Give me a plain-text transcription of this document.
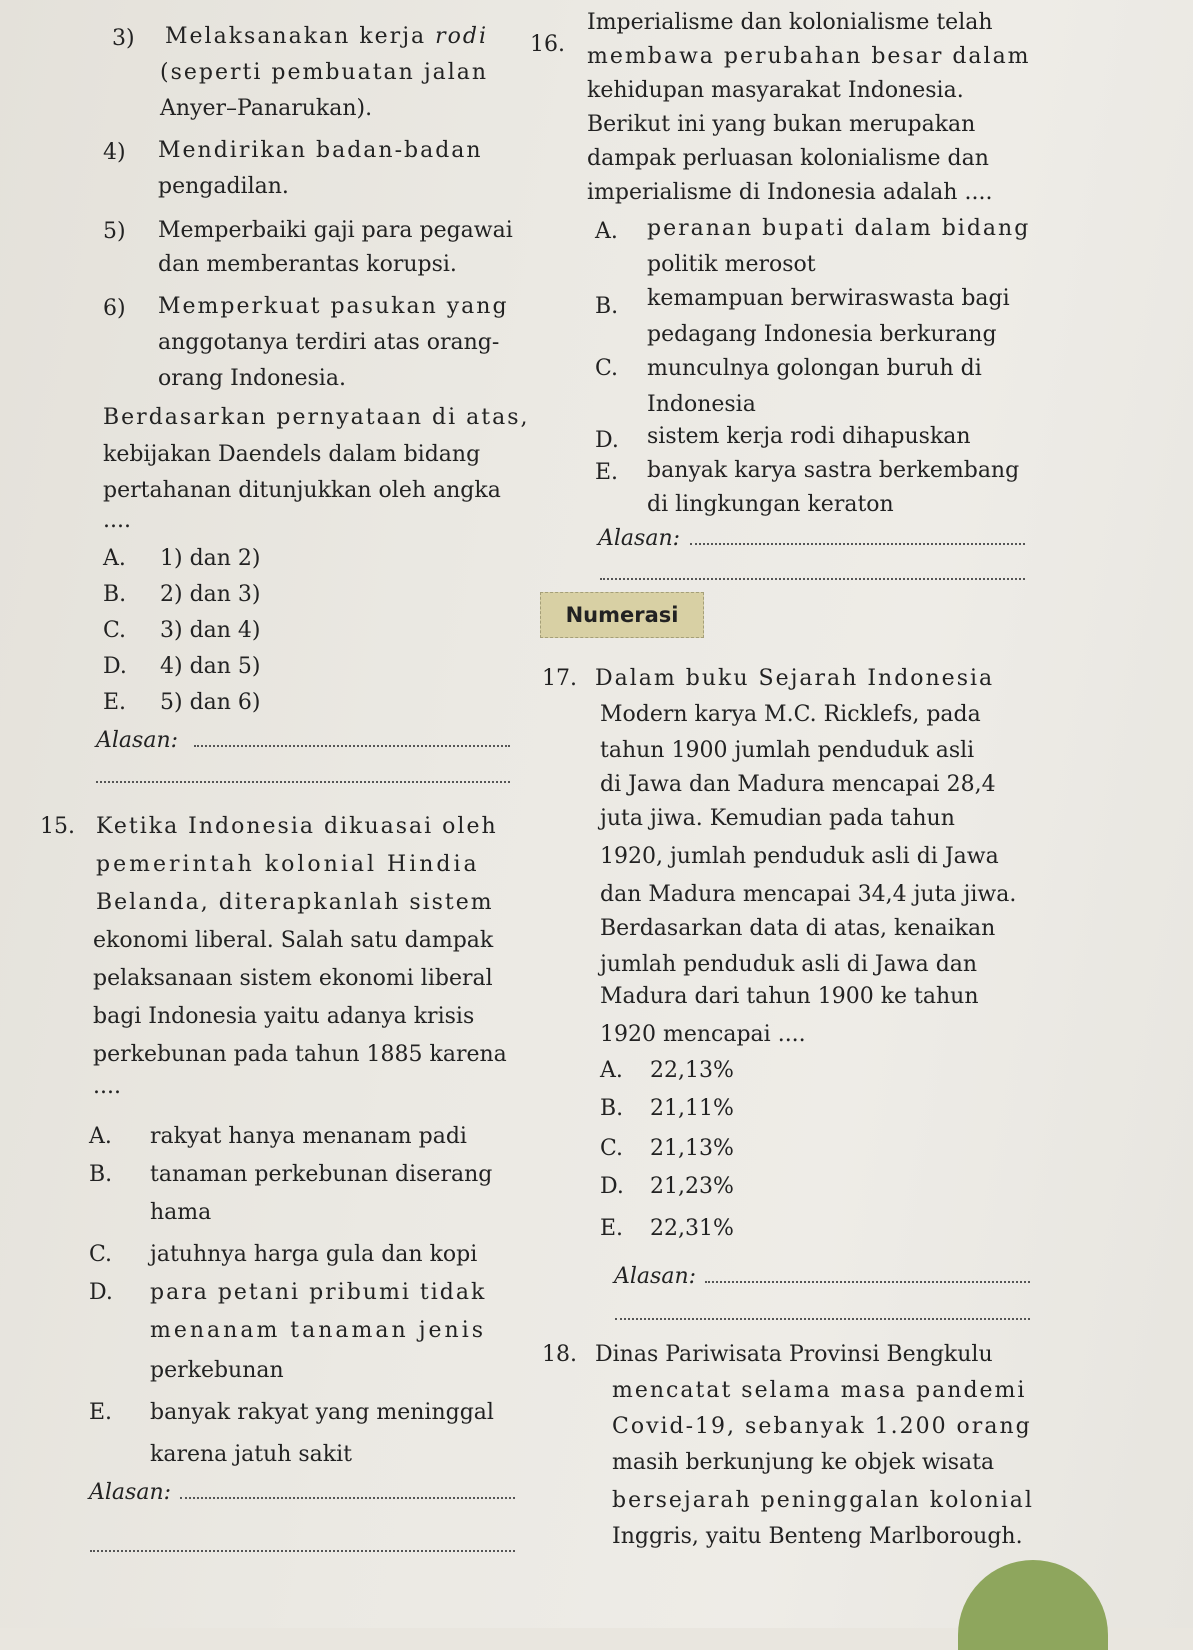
3) Melaksanakan kerja rodi
(seperti pembuatan jalan
Anyer–Panarukan).
4) Mendirikan badan-badan
pengadilan.
5) Memperbaiki gaji para pegawai
dan memberantas korupsi.
6) Memperkuat pasukan yang
anggotanya terdiri atas orang-
orang Indonesia.
Berdasarkan pernyataan di atas,
kebijakan Daendels dalam bidang
pertahanan ditunjukkan oleh angka
....
A. 1) dan 2)
B. 2) dan 3)
C. 3) dan 4)
D. 4) dan 5)
E. 5) dan 6)
Alasan:
15. Ketika Indonesia dikuasai oleh
pemerintah kolonial Hindia
Belanda, diterapkanlah sistem
ekonomi liberal. Salah satu dampak
pelaksanaan sistem ekonomi liberal
bagi Indonesia yaitu adanya krisis
perkebunan pada tahun 1885 karena
....
A. rakyat hanya menanam padi
B. tanaman perkebunan diserang
hama
C. jatuhnya harga gula dan kopi
D. para petani pribumi tidak
menanam tanaman jenis
perkebunan
E. banyak rakyat yang meninggal
karena jatuh sakit
Alasan:
16.
Imperialisme dan kolonialisme telah
membawa perubahan besar dalam
kehidupan masyarakat Indonesia.
Berikut ini yang bukan merupakan
dampak perluasan kolonialisme dan
imperialisme di Indonesia adalah ....
A. peranan bupati dalam bidang
politik merosot
B. kemampuan berwiraswasta bagi
pedagang Indonesia berkurang
C. munculnya golongan buruh di
Indonesia
D. sistem kerja rodi dihapuskan
E. banyak karya sastra berkembang
di lingkungan keraton
Alasan:
Numerasi
17. Dalam buku Sejarah Indonesia
Modern karya M.C. Ricklefs, pada
tahun 1900 jumlah penduduk asli
di Jawa dan Madura mencapai 28,4
juta jiwa. Kemudian pada tahun
1920, jumlah penduduk asli di Jawa
dan Madura mencapai 34,4 juta jiwa.
Berdasarkan data di atas, kenaikan
jumlah penduduk asli di Jawa dan
Madura dari tahun 1900 ke tahun
1920 mencapai ....
A. 22,13%
B. 21,11%
C. 21,13%
D. 21,23%
E. 22,31%
Alasan:
18. Dinas Pariwisata Provinsi Bengkulu
mencatat selama masa pandemi
Covid-19, sebanyak 1.200 orang
masih berkunjung ke objek wisata
bersejarah peninggalan kolonial
Inggris, yaitu Benteng Marlborough.
